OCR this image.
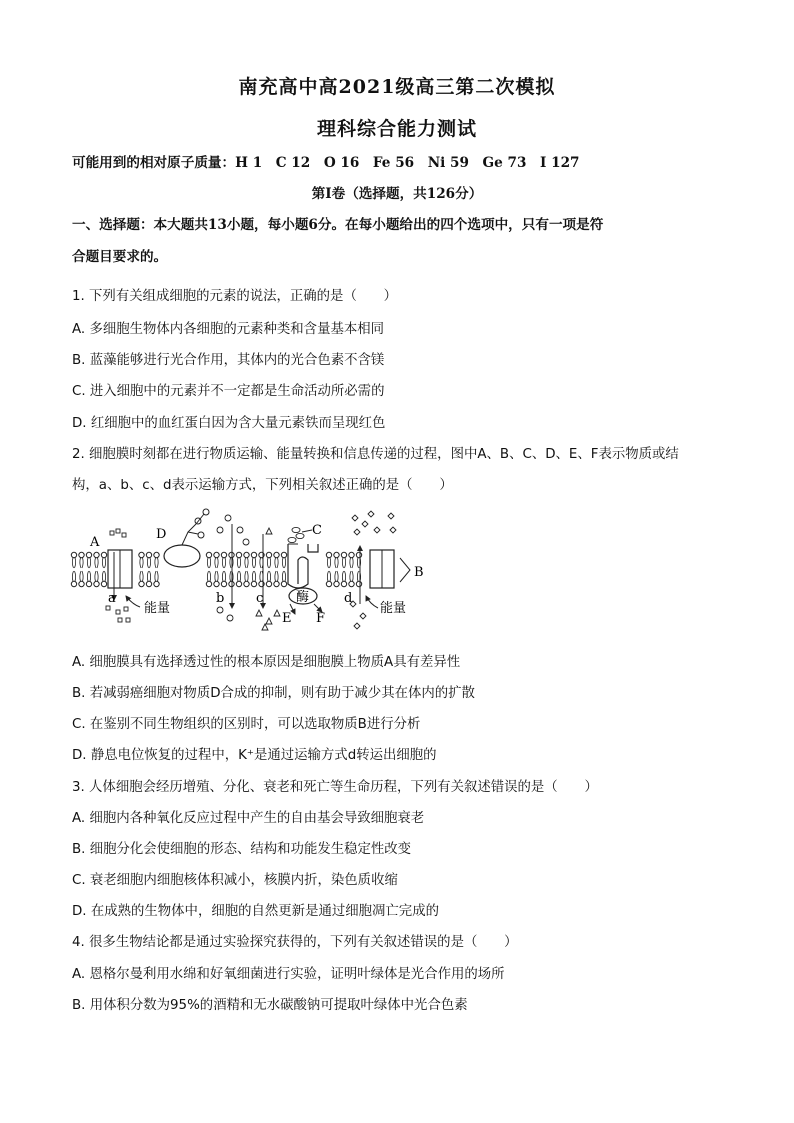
南充高中高2021级高三第二次模拟
理科综合能力测试
可能用到的相对原子质量：H 1　C 12　O 16　Fe 56　Ni 59　Ge 73　I 127
第Ⅰ卷（选择题，共126分）
一、选择题：本大题共13小题，每小题6分。在每小题给出的四个选项中，只有一项是符
合题目要求的。
1. 下列有关组成细胞的元素的说法，正确的是（　　）
A. 多细胞生物体内各细胞的元素种类和含量基本相同
B. 蓝藻能够进行光合作用，其体内的光合色素不含镁
C. 进入细胞中的元素并不一定都是生命活动所必需的
D. 红细胞中的血红蛋白因为含大量元素铁而呈现红色
2. 细胞膜时刻都在进行物质运输、能量转换和信息传递的过程，图中A、B、C、D、E、F表示物质或结
构，a、b、c、d表示运输方式，下列相关叙述正确的是（　　）
A
D	C
B
a	b c	d
E F
能量	能量
酶
A. 细胞膜具有选择透过性的根本原因是细胞膜上物质A具有差异性
B. 若减弱癌细胞对物质D合成的抑制，则有助于减少其在体内的扩散
C. 在鉴别不同生物组织的区别时，可以选取物质B进行分析
D. 静息电位恢复的过程中，K⁺是通过运输方式d转运出细胞的
3. 人体细胞会经历增殖、分化、衰老和死亡等生命历程，下列有关叙述错误的是（　　）
A. 细胞内各种氧化反应过程中产生的自由基会导致细胞衰老
B. 细胞分化会使细胞的形态、结构和功能发生稳定性改变
C. 衰老细胞内细胞核体积减小，核膜内折，染色质收缩
D. 在成熟的生物体中，细胞的自然更新是通过细胞凋亡完成的
4. 很多生物结论都是通过实验探究获得的，下列有关叙述错误的是（　　）
A. 恩格尔曼利用水绵和好氧细菌进行实验，证明叶绿体是光合作用的场所
B. 用体积分数为95%的酒精和无水碳酸钠可提取叶绿体中光合色素
